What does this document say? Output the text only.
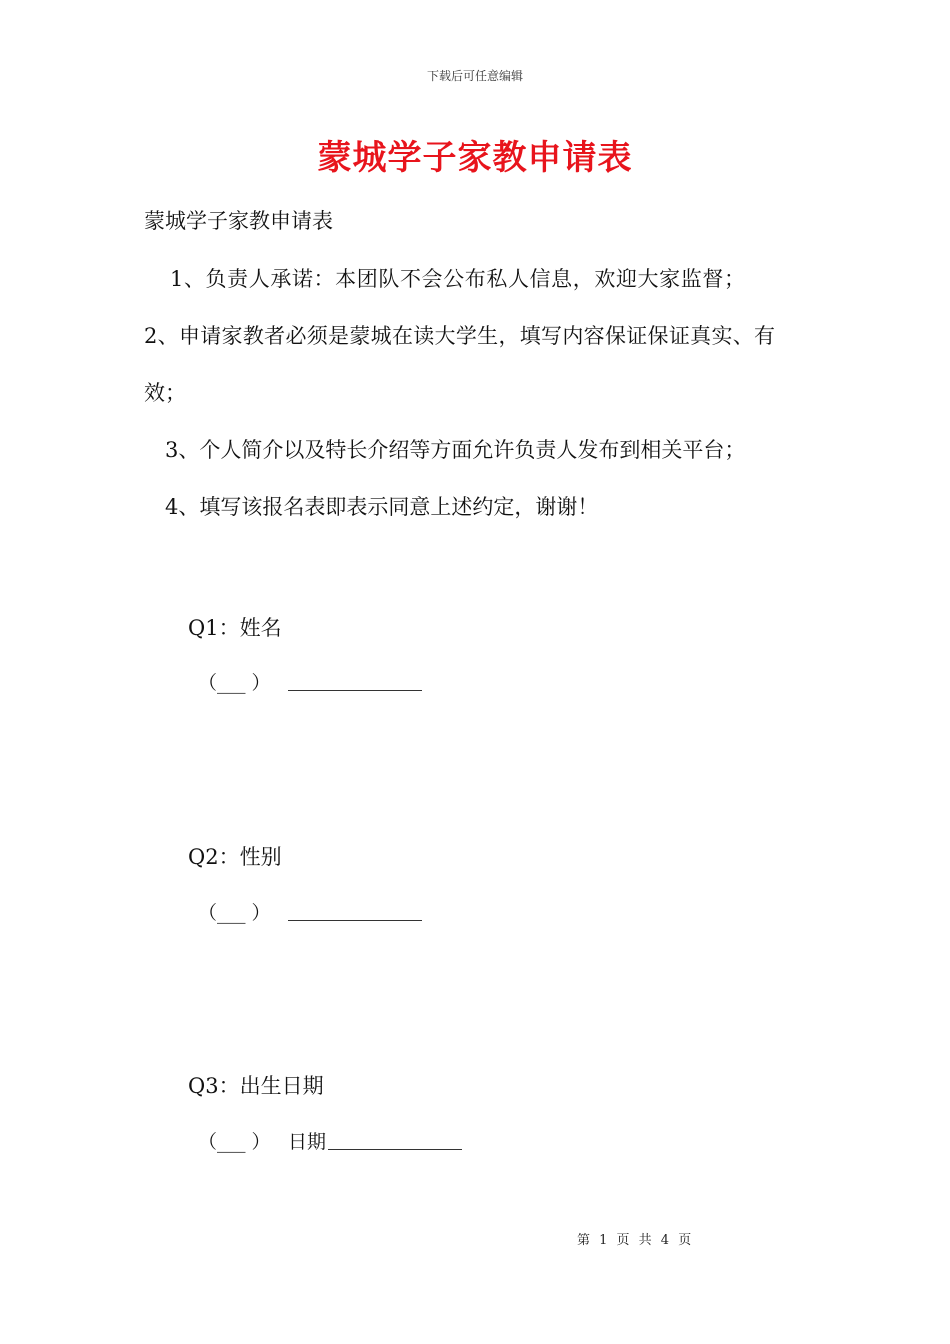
下载后可任意编辑
蒙城学子家教申请表
蒙城学子家教申请表
1、负责人承诺：本团队不会公布私人信息，欢迎大家监督；
2、申请家教者必须是蒙城在读大学生，填写内容保证保证真实、有
效；
3、个人简介以及特长介绍等方面允许负责人发布到相关平台；
4、填写该报名表即表示同意上述约定，谢谢！
Q1：姓名
（___ ）
Q2：性别
（___ ）
Q3：出生日期
（___ ） 日期
第 1 页 共 4 页
